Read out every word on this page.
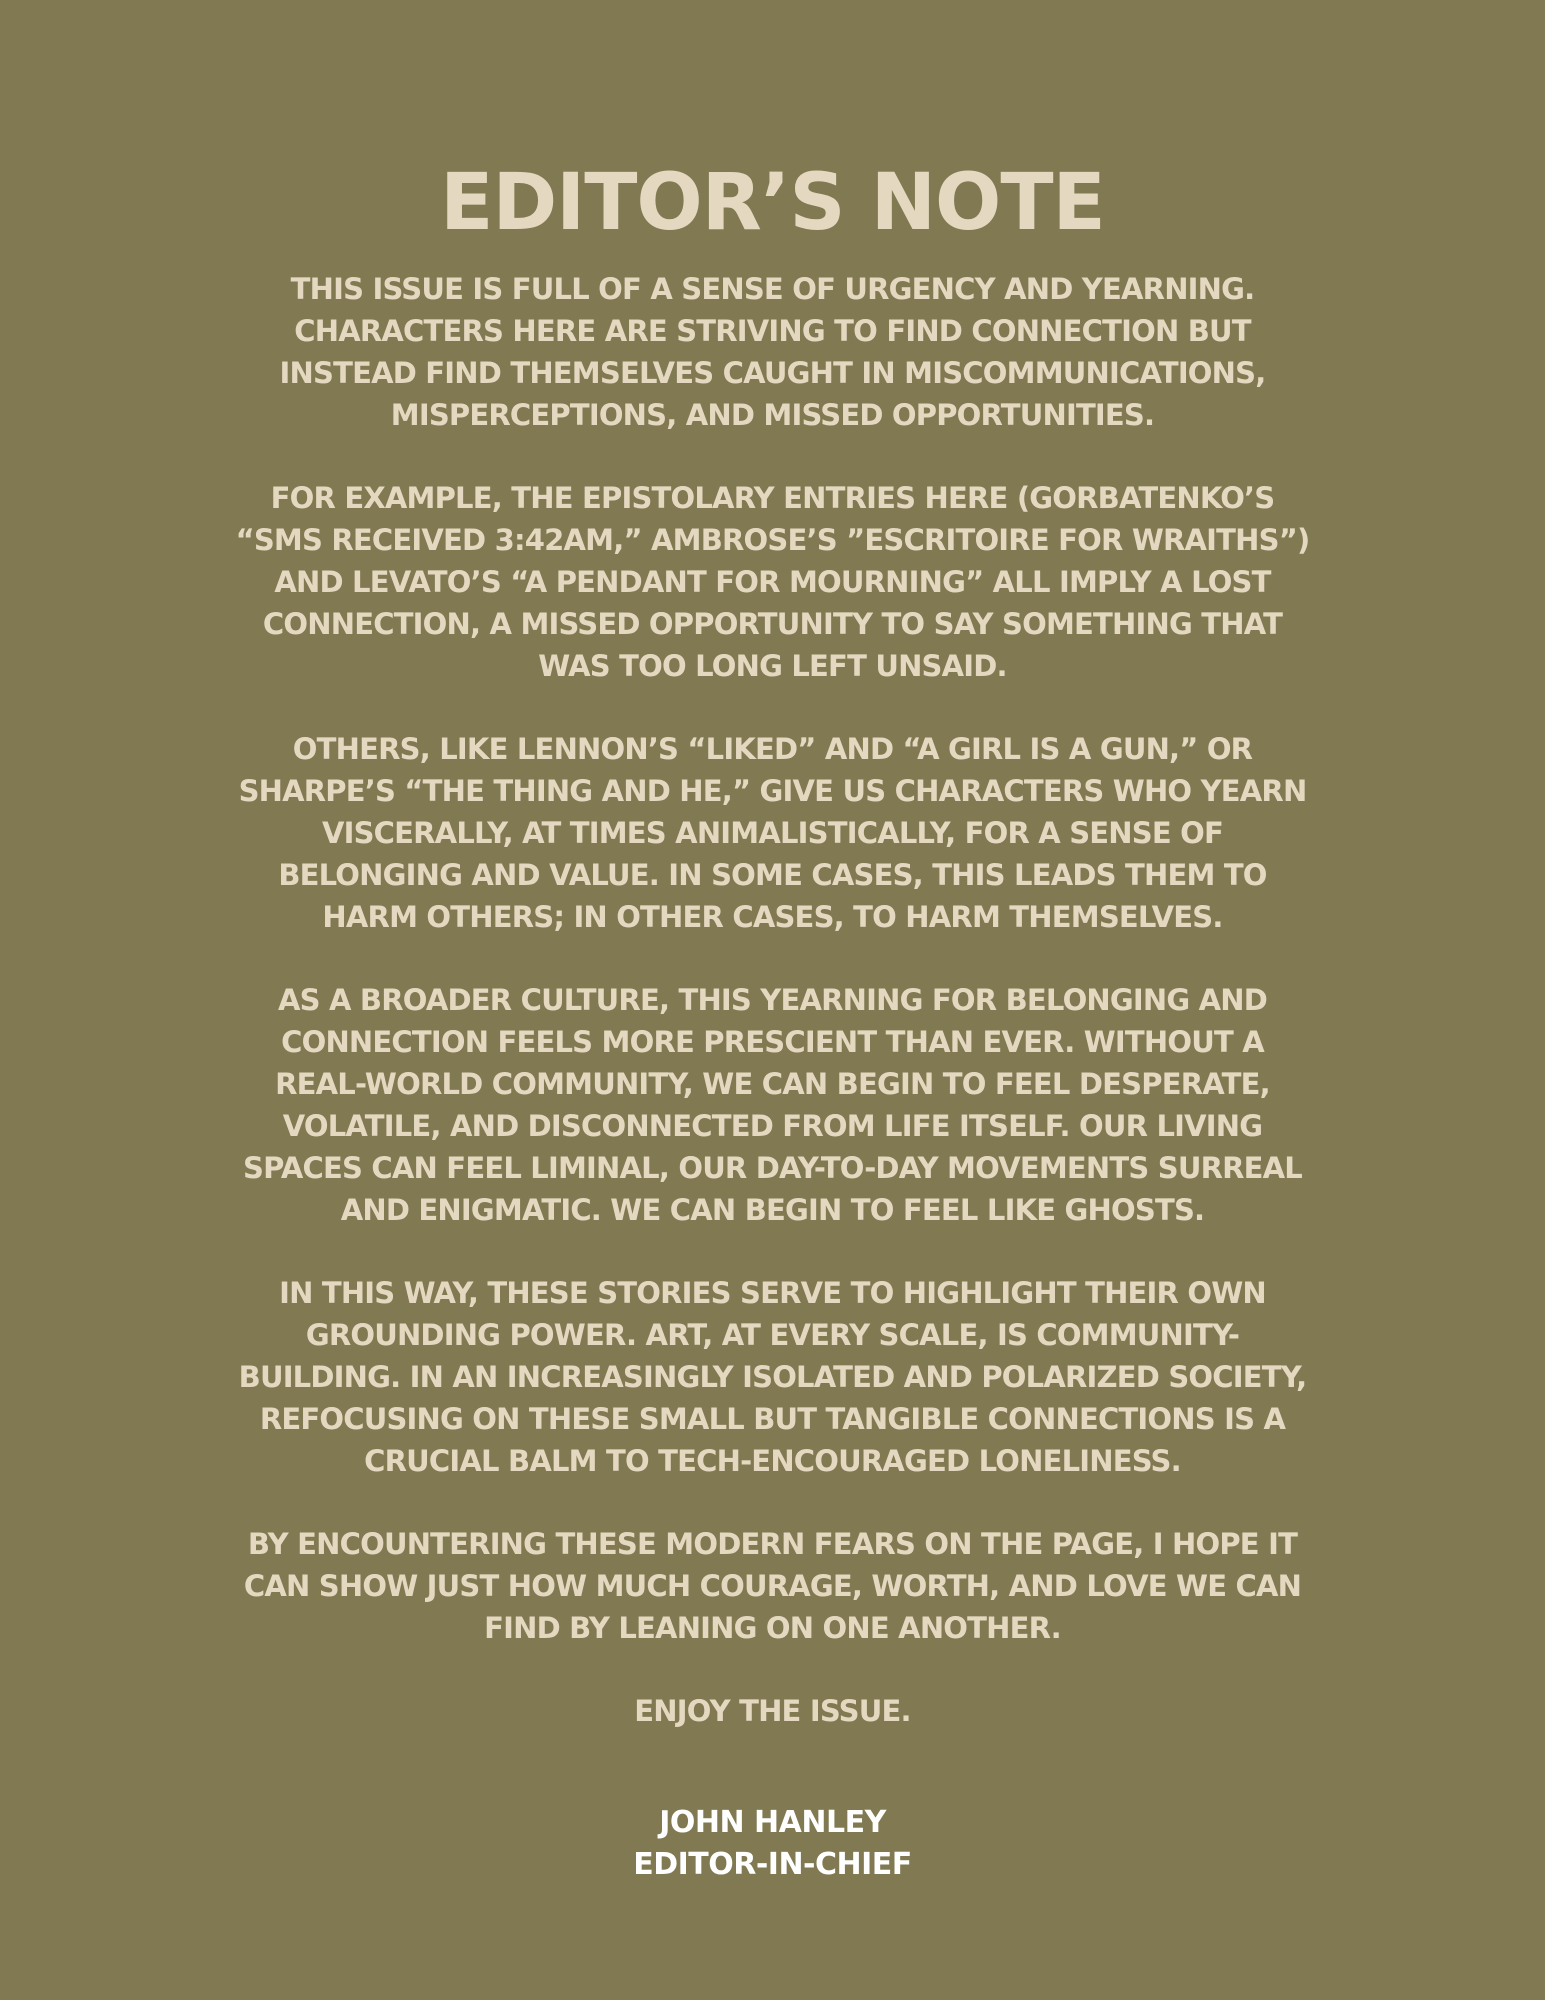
EDITOR’S NOTE

THIS ISSUE IS FULL OF A SENSE OF URGENCY AND YEARNING.
CHARACTERS HERE ARE STRIVING TO FIND CONNECTION BUT
INSTEAD FIND THEMSELVES CAUGHT IN MISCOMMUNICATIONS,
MISPERCEPTIONS, AND MISSED OPPORTUNITIES.

FOR EXAMPLE, THE EPISTOLARY ENTRIES HERE (GORBATENKO’S
“SMS RECEIVED 3:42AM,” AMBROSE’S ”ESCRITOIRE FOR WRAITHS”)
AND LEVATO’S “A PENDANT FOR MOURNING” ALL IMPLY A LOST
CONNECTION, A MISSED OPPORTUNITY TO SAY SOMETHING THAT
WAS TOO LONG LEFT UNSAID.

OTHERS, LIKE LENNON’S “LIKED” AND “A GIRL IS A GUN,” OR
SHARPE’S “THE THING AND HE,” GIVE US CHARACTERS WHO YEARN
VISCERALLY, AT TIMES ANIMALISTICALLY, FOR A SENSE OF
BELONGING AND VALUE. IN SOME CASES, THIS LEADS THEM TO
HARM OTHERS; IN OTHER CASES, TO HARM THEMSELVES.

AS A BROADER CULTURE, THIS YEARNING FOR BELONGING AND
CONNECTION FEELS MORE PRESCIENT THAN EVER. WITHOUT A
REAL-WORLD COMMUNITY, WE CAN BEGIN TO FEEL DESPERATE,
VOLATILE, AND DISCONNECTED FROM LIFE ITSELF. OUR LIVING
SPACES CAN FEEL LIMINAL, OUR DAY-TO-DAY MOVEMENTS SURREAL
AND ENIGMATIC. WE CAN BEGIN TO FEEL LIKE GHOSTS.

IN THIS WAY, THESE STORIES SERVE TO HIGHLIGHT THEIR OWN
GROUNDING POWER. ART, AT EVERY SCALE, IS COMMUNITY-
BUILDING. IN AN INCREASINGLY ISOLATED AND POLARIZED SOCIETY,
REFOCUSING ON THESE SMALL BUT TANGIBLE CONNECTIONS IS A
CRUCIAL BALM TO TECH-ENCOURAGED LONELINESS.

BY ENCOUNTERING THESE MODERN FEARS ON THE PAGE, I HOPE IT
CAN SHOW JUST HOW MUCH COURAGE, WORTH, AND LOVE WE CAN
FIND BY LEANING ON ONE ANOTHER.

ENJOY THE ISSUE.

JOHN HANLEY
EDITOR-IN-CHIEF
